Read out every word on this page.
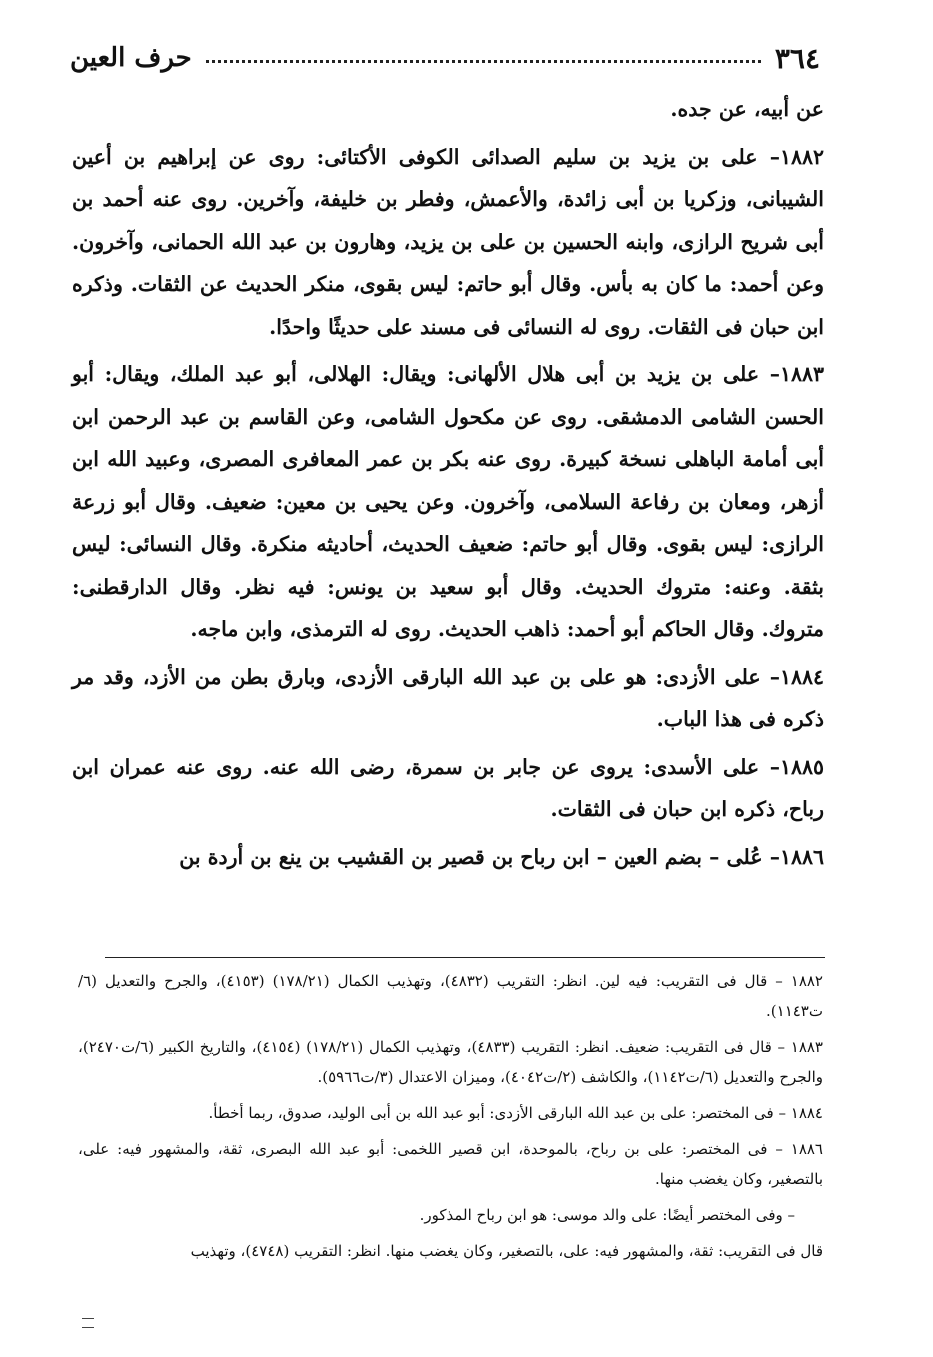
٣٦٤
حرف العين

عن أبيه، عن جده.

١٨٨٢– على بن يزيد بن سليم الصدائى الكوفى الأكتائى: روى عن إبراهيم بن أعين الشيبانى، وزكريا بن أبى زائدة، والأعمش، وفطر بن خليفة، وآخرين. روى عنه أحمد بن أبى شريح الرازى، وابنه الحسين بن على بن يزيد، وهارون بن عبد الله الحمانى، وآخرون. وعن أحمد: ما كان به بأس. وقال أبو حاتم: ليس بقوى، منكر الحديث عن الثقات. وذكره ابن حبان فى الثقات. روى له النسائى فى مسند على حديثًا واحدًا.

١٨٨٣– على بن يزيد بن أبى هلال الألهانى: ويقال: الهلالى، أبو عبد الملك، ويقال: أبو الحسن الشامى الدمشقى. روى عن مكحول الشامى، وعن القاسم بن عبد الرحمن ابن أبى أمامة الباهلى نسخة كبيرة. روى عنه بكر بن عمر المعافرى المصرى، وعبيد الله ابن أزهر، ومعان بن رفاعة السلامى، وآخرون. وعن يحيى بن معين: ضعيف. وقال أبو زرعة الرازى: ليس بقوى. وقال أبو حاتم: ضعيف الحديث، أحاديثه منكرة. وقال النسائى: ليس بثقة. وعنه: متروك الحديث. وقال أبو سعيد بن يونس: فيه نظر. وقال الدارقطنى: متروك. وقال الحاكم أبو أحمد: ذاهب الحديث. روى له الترمذى، وابن ماجه.

١٨٨٤– على الأزدى: هو على بن عبد الله البارقى الأزدى، وبارق بطن من الأزد، وقد مر ذكره فى هذا الباب.

١٨٨٥– على الأسدى: يروى عن جابر بن سمرة، رضى الله عنه. روى عنه عمران ابن رباح، ذكره ابن حبان فى الثقات.

١٨٨٦– عُلى – بضم العين – ابن رباح بن قصير بن القشيب بن ينع بن أردة بن

١٨٨٢ – قال فى التقريب: فيه لين. انظر: التقريب (٤٨٣٢)، وتهذيب الكمال (١٧٨/٢١) (٤١٥٣)، والجرح والتعديل (٦/ت١١٤٣).

١٨٨٣ – قال فى التقريب: ضعيف. انظر: التقريب (٤٨٣٣)، وتهذيب الكمال (١٧٨/٢١) (٤١٥٤)، والتاريخ الكبير (٦/ت٢٤٧٠)، والجرح والتعديل (٦/ت١١٤٢)، والكاشف (٢/ت٤٠٤٢)، وميزان الاعتدال (٣/ت٥٩٦٦).

١٨٨٤ – فى المختصر: على بن عبد الله البارقى الأزدى: أبو عبد الله بن أبى الوليد، صدوق، ربما أخطأ.

١٨٨٦ – فى المختصر: على بن رباح، بالموحدة، ابن قصير اللخمى: أبو عبد الله البصرى، ثقة، والمشهور فيه: على، بالتصغير، وكان يغضب منها.

– وفى المختصر أيضًا: على والد موسى: هو ابن رباح المذكور.

قال فى التقريب: ثقة، والمشهور فيه: على، بالتصغير، وكان يغضب منها. انظر: التقريب (٤٧٤٨)، وتهذيب
